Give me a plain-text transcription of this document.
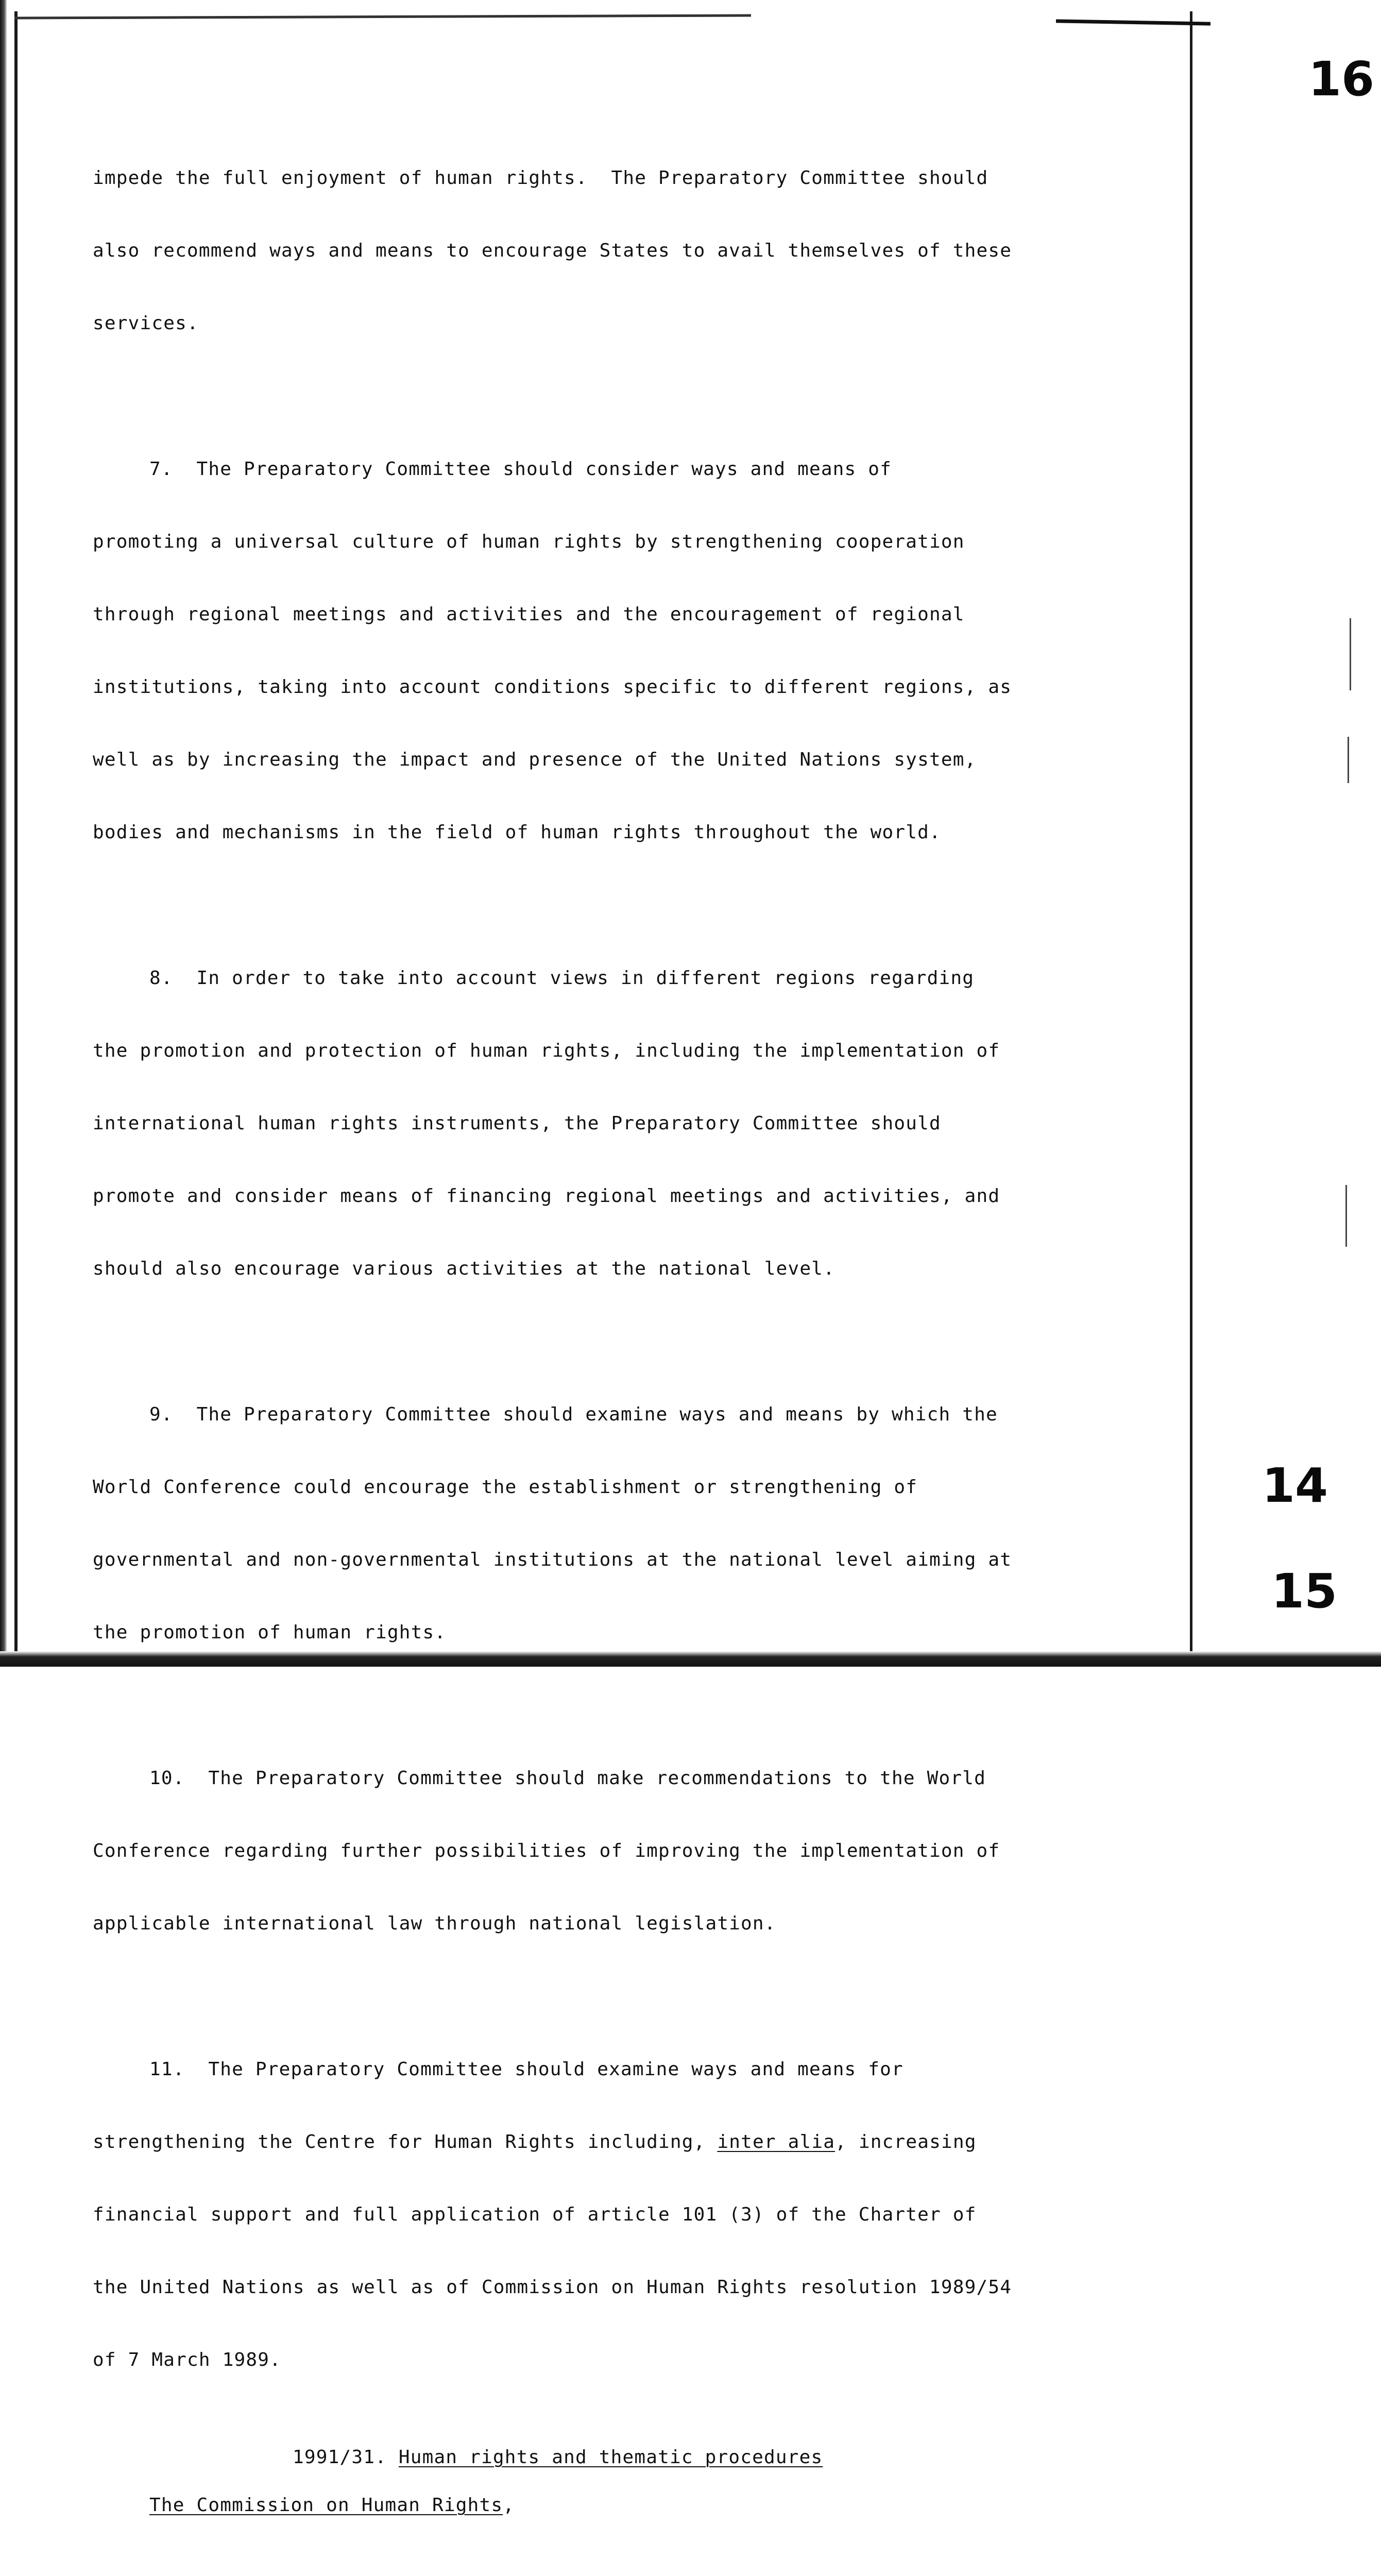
16
14
15

impede the full enjoyment of human rights.  The Preparatory Committee should

also recommend ways and means to encourage States to avail themselves of these

services.

7. The Preparatory Committee should consider ways and means of

promoting a universal culture of human rights by strengthening cooperation

through regional meetings and activities and the encouragement of regional

institutions, taking into account conditions specific to different regions, as

well as by increasing the impact and presence of the United Nations system,

bodies and mechanisms in the field of human rights throughout the world.

8. In order to take into account views in different regions regarding

the promotion and protection of human rights, including the implementation of

international human rights instruments, the Preparatory Committee should

promote and consider means of financing regional meetings and activities, and

should also encourage various activities at the national level.

9. The Preparatory Committee should examine ways and means by which the

World Conference could encourage the establishment or strengthening of

governmental and non-governmental institutions at the national level aiming at

the promotion of human rights.

10. The Preparatory Committee should make recommendations to the World

Conference regarding further possibilities of improving the implementation of

applicable international law through national legislation.

11. The Preparatory Committee should examine ways and means for

strengthening the Centre for Human Rights including, inter alia, increasing

financial support and full application of article 101 (3) of the Charter of

the United Nations as well as of Commission on Human Rights resolution 1989/54

of 7 March 1989.

1991/31. Human rights and thematic procedures
The Commission on Human Rights,
